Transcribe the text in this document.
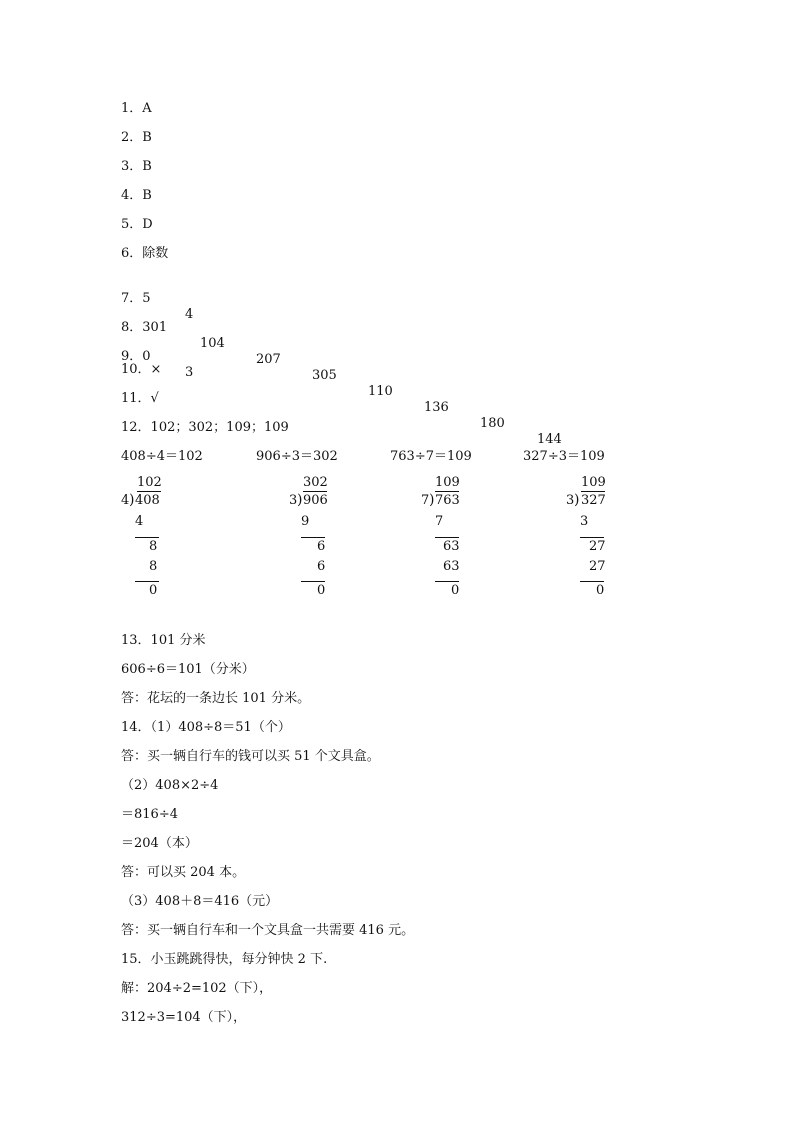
1．A
2．B
3．B
4．B
5．D
6．除数

7．5

4

8．301

104

207

305

110

136

180

144

9．0

3

10．×
11．√
12．102；302；109；109
408÷4＝102	906÷3＝302	763÷7＝109	327÷3＝109
102
4 ) 408
4
8
8
0
302
3 ) 906
9
6
6
0
109
7 ) 763
7
63
63
0
109
3 ) 327
3
27
27
0
13．101 分米
606÷6＝101（分米）
答：花坛的一条边长 101 分米。
14．（1）408÷8＝51（个）
答：买一辆自行车的钱可以买 51 个文具盒。
（2）408×2÷4
＝816÷4
＝204（本）
答：可以买 204 本。
（3）408＋8＝416（元）
答：买一辆自行车和一个文具盒一共需要 416 元。
15．小玉跳跳得快，每分钟快 2 下.
解：204÷2=102（下），
312÷3=104（下），
